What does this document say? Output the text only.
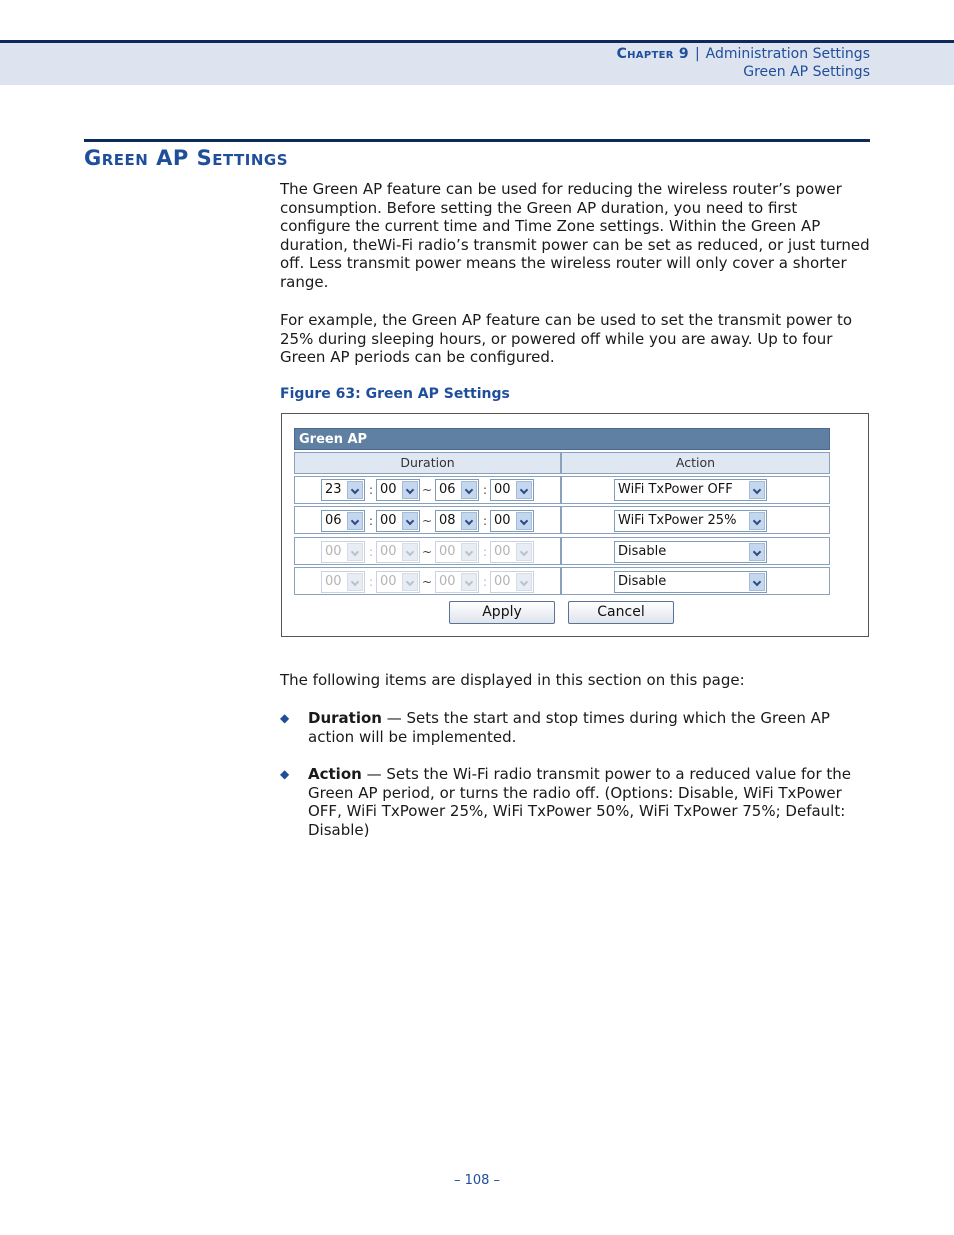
Chapter 9 | Administration Settings
Green AP Settings
Green AP Settings

The Green AP feature can be used for reducing the wireless router’s power consumption. Before setting the Green AP duration, you need to first configure the current time and Time Zone settings. Within the Green AP duration, theWi-Fi radio’s transmit power can be set as reduced, or just turned off. Less transmit power means the wireless router will only cover a shorter range.

For example, the Green AP feature can be used to set the transmit power to 25% during sleeping hours, or powered off while you are away. Up to four Green AP periods can be configured.

Figure 63: Green AP Settings
Green AP
Duration	Action
23	: 00	~ 06	: 00	WiFi TxPower OFF
06	: 00	~ 08	: 00	WiFi TxPower 25%
00	: 00	~ 00	: 00	Disable
00	: 00	~ 00	: 00	Disable
Apply	Cancel

The following items are displayed in this section on this page:

◆ Duration — Sets the start and stop times during which the Green AP action will be implemented.

◆ Action — Sets the Wi-Fi radio transmit power to a reduced value for the Green AP period, or turns the radio off. (Options: Disable, WiFi TxPower OFF, WiFi TxPower 25%, WiFi TxPower 50%, WiFi TxPower 75%; Default: Disable)

– 108 –
